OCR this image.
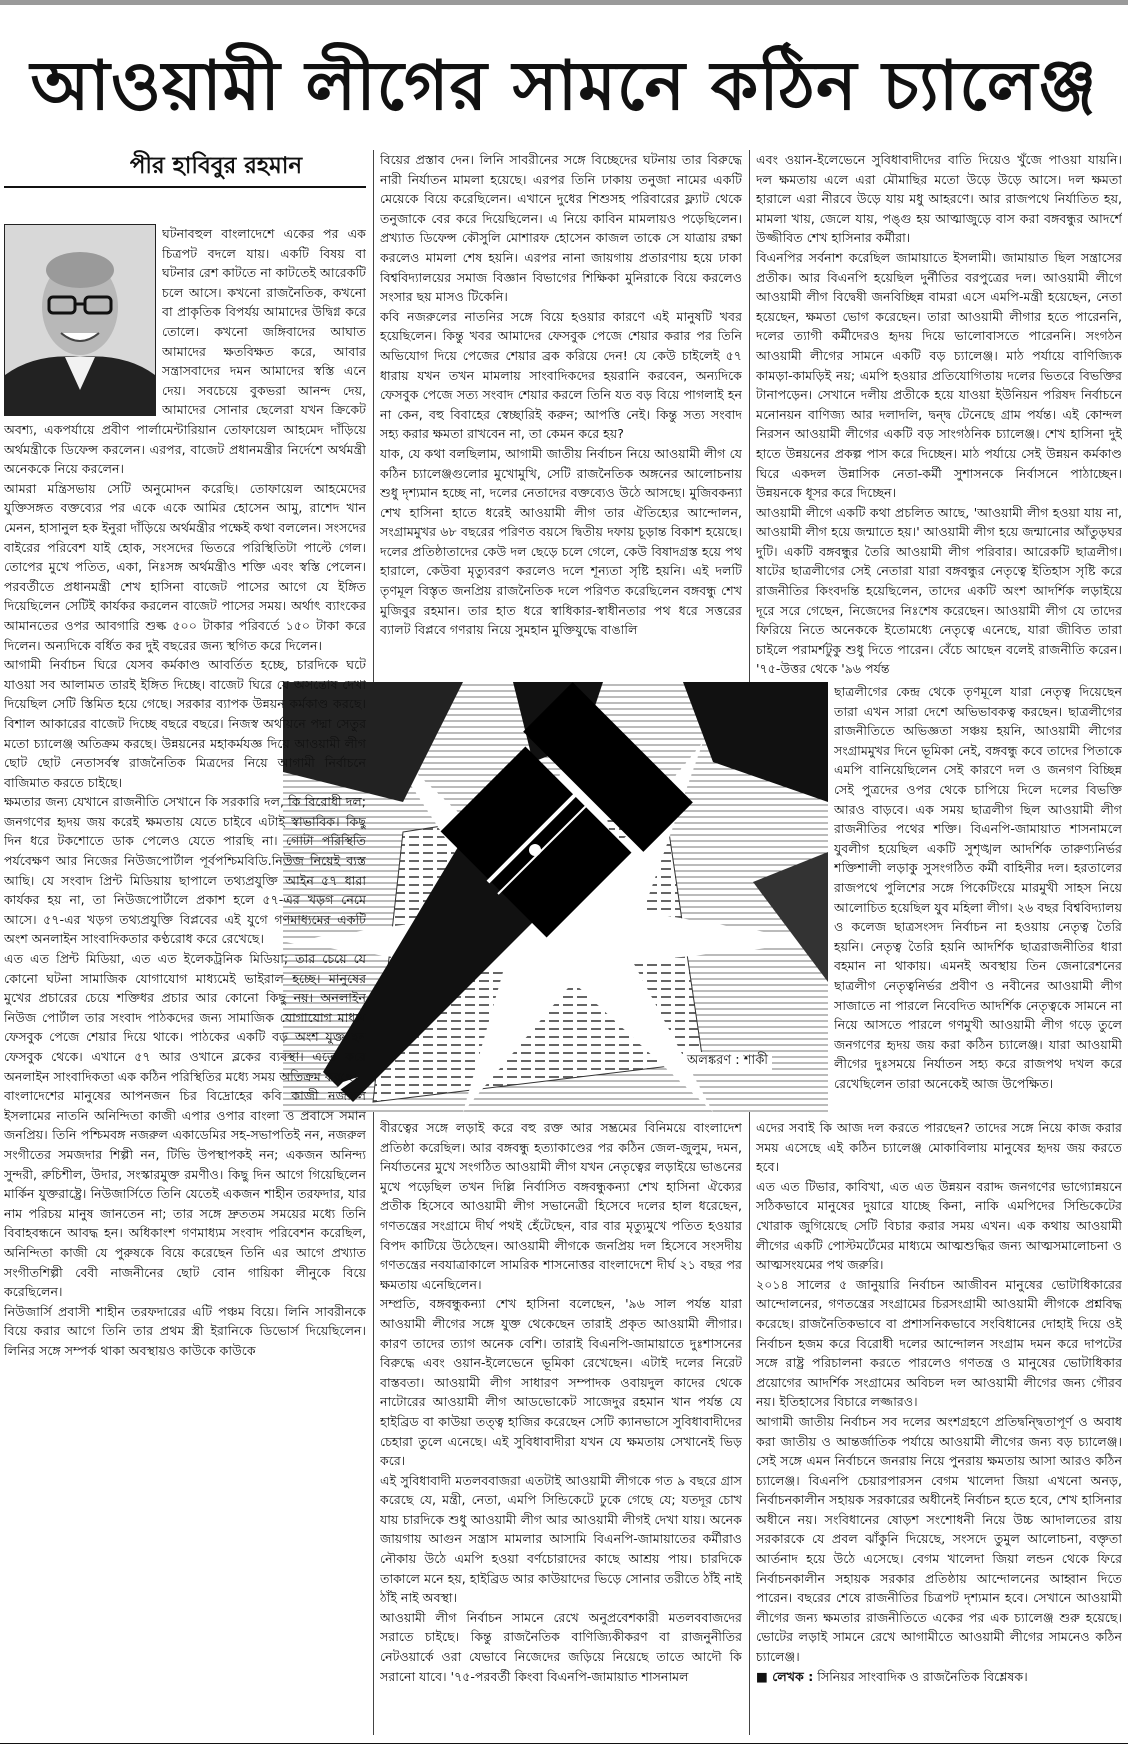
আওয়ামী লীগের সামনে কঠিন চ্যালেঞ্জ
পীর হাবিবুর রহমান
অলঙ্করণ : শাকী

ঘটনাবহুল বাংলাদেশে একের পর এক চিত্রপট বদলে যায়। একটি বিষয় বা ঘটনার রেশ কাটতে না কাটতেই আরেকটি চলে আসে। কখনো রাজনৈতিক, কখনো বা প্রাকৃতিক বিপর্যয় আমাদের উদ্বিগ্ন করে তোলে। কখনো জঙ্গিবাদের আঘাত আমাদের ক্ষতবিক্ষত করে, আবার সন্ত্রাসবাদের দমন আমাদের স্বস্তি এনে দেয়। সবচেয়ে বুকভরা আনন্দ দেয়, আমাদের সোনার ছেলেরা যখন ক্রিকেট

অবশ্য, একপর্যায়ে প্রবীণ পার্লামেন্টারিয়ান তোফায়েল আহমেদ দাঁড়িয়ে অর্থমন্ত্রীকে ডিফেন্স করলেন। এরপর, বাজেট প্রধানমন্ত্রীর নির্দেশে অর্থমন্ত্রী অনেককে নিয়ে করলেন।

আমরা মন্ত্রিসভায় সেটি অনুমোদন করেছি। তোফায়েল আহমেদের যুক্তিসঙ্গত বক্তব্যের পর একে একে আমির হোসেন আমু, রাশেদ খান মেনন, হাসানুল হক ইনুরা দাঁড়িয়ে অর্থমন্ত্রীর পক্ষেই কথা বললেন। সংসদের বাইরের পরিবেশ যাই হোক, সংসদের ভিতরে পরিস্থিতিটা পাল্টে গেল। তোপের মুখে পতিত, একা, নিঃসঙ্গ অর্থমন্ত্রীও শক্তি এবং স্বস্তি পেলেন। পরবর্তীতে প্রধানমন্ত্রী শেখ হাসিনা বাজেট পাসের আগে যে ইঙ্গিত দিয়েছিলেন সেটিই কার্যকর করলেন বাজেট পাসের সময়। অর্থাৎ ব্যাংকের আমানতের ওপর আবগারি শুল্ক ৫০০ টাকার পরিবর্তে ১৫০ টাকা করে দিলেন। অন্যদিকে বর্ধিত কর দুই বছরের জন্য স্থগিত করে দিলেন।

আগামী নির্বাচন ঘিরে যেসব কর্মকাণ্ড আবর্তিত হচ্ছে, চারদিকে ঘটে যাওয়া সব আলামত তারই ইঙ্গিত দিচ্ছে। বাজেট ঘিরে যে অসন্তোষ দেখা দিয়েছিল সেটি স্তিমিত হয়ে গেছে। সরকার ব্যাপক উন্নয়ন কর্মকাণ্ড করছে। বিশাল আকারের বাজেট দিচ্ছে বছরে বছরে। নিজস্ব অর্থায়নে পদ্মা সেতুর মতো চ্যালেঞ্জ অতিক্রম করছে। উন্নয়নের মহাকর্মযজ্ঞ দিয়ে আওয়ামী লীগ ছোট ছোট নেতাসর্বস্ব রাজনৈতিক মিত্রদের নিয়ে আগামী নির্বাচনে বাজিমাত করতে চাইছে।

ক্ষমতার জন্য যেখানে রাজনীতি সেখানে কি সরকারি দল, কি বিরোধী দল; জনগণের হৃদয় জয় করেই ক্ষমতায় যেতে চাইবে এটাই স্বাভাবিক। কিছু দিন ধরে টকশোতে ডাক পেলেও যেতে পারছি না। গোটা পরিস্থিতি পর্যবেক্ষণ আর নিজের নিউজপোর্টাল পূর্বপশ্চিমবিডি.নিউজ নিয়েই ব্যস্ত আছি। যে সংবাদ প্রিন্ট মিডিয়ায় ছাপালে তথ্যপ্রযুক্তি আইন ৫৭ ধারা কার্যকর হয় না, তা নিউজপোর্টালে প্রকাশ হলে ৫৭-এর খড়গ নেমে আসে। ৫৭-এর খড়গ তথ্যপ্রযুক্তি বিপ্লবের এই যুগে গণমাধ্যমের একটি অংশ অনলাইন সাংবাদিকতার কণ্ঠরোধ করে রেখেছে।

এত এত প্রিন্ট মিডিয়া, এত এত ইলেকট্রনিক মিডিয়া; তার চেয়ে যে কোনো ঘটনা সামাজিক যোগাযোগ মাধ্যমেই ভাইরাল হচ্ছে। মানুষের মুখের প্রচারের চেয়ে শক্তিধর প্রচার আর কোনো কিছু নয়। অনলাইন নিউজ পোর্টাল তার সংবাদ পাঠকদের জন্য সামাজিক যোগাযোগ মাধ্যম ফেসবুক পেজে শেয়ার দিয়ে থাকে। পাঠকের একটি বড় অংশ যুক্ত হন ফেসবুক থেকে। এখানে ৫৭ আর ওখানে ব্লকের ব্যবস্থা। এতে করে অনলাইন সাংবাদিকতা এক কঠিন পরিস্থিতির মধ্যে সময় অতিক্রম করছে।

বাংলাদেশের মানুষের আপনজন চির বিদ্রোহের কবি কাজী নজরুল ইসলামের নাতনি অনিন্দিতা কাজী এপার ওপার বাংলা ও প্রবাসে সমান জনপ্রিয়। তিনি পশ্চিমবঙ্গ নজরুল একাডেমির সহ-সভাপতিই নন, নজরুল সংগীতের সমজদার শিল্পী নন, টিভি উপস্থাপকই নন; একজন অনিন্দ্য সুন্দরী, রুচিশীল, উদার, সংস্কারমুক্ত রমণীও। কিছু দিন আগে গিয়েছিলেন মার্কিন যুক্তরাষ্ট্রে। নিউজার্সিতে তিনি যেতেই একজন শাহীন তরফদার, যার নাম পরিচয় মানুষ জানতেন না; তার সঙ্গে দ্রুততম সময়ের মধ্যে তিনি বিবাহবন্ধনে আবদ্ধ হন। অধিকাংশ গণমাধ্যম সংবাদ পরিবেশন করেছিল, অনিন্দিতা কাজী যে পুরুষকে বিয়ে করেছেন তিনি এর আগে প্রখ্যাত সংগীতশিল্পী বেবী নাজনীনের ছোট বোন গায়িকা লীনুকে বিয়ে করেছিলেন।

নিউজার্সি প্রবাসী শাহীন তরফদারের এটি পঞ্চম বিয়ে। লিনি সাবরীনকে বিয়ে করার আগে তিনি তার প্রথম স্ত্রী ইরানিকে ডিভোর্স দিয়েছিলেন। লিনির সঙ্গে সম্পর্ক থাকা অবস্থায়ও কাউকে কাউকে

বিয়ের প্রস্তাব দেন। লিনি সাবরীনের সঙ্গে বিচ্ছেদের ঘটনায় তার বিরুদ্ধে নারী নির্যাতন মামলা হয়েছে। এরপর তিনি ঢাকায় তনুজা নামের একটি মেয়েকে বিয়ে করেছিলেন। এখানে দুধের শিশুসহ পরিবারের ফ্ল্যাট থেকে তনুজাকে বের করে দিয়েছিলেন। এ নিয়ে কাবিন মামলায়ও পড়েছিলেন। প্রখ্যাত ডিফেন্স কৌসুলি মোশারফ হোসেন কাজল তাকে সে যাত্রায় রক্ষা করলেও মামলা শেষ হয়নি। এরপর নানা জায়গায় প্রতারণায় হয়ে ঢাকা বিশ্ববিদ্যালয়ের সমাজ বিজ্ঞান বিভাগের শিক্ষিকা মুনিরাকে বিয়ে করলেও সংসার ছয় মাসও টিকেনি।

কবি নজরুলের নাতনির সঙ্গে বিয়ে হওয়ার কারণে এই মানুষটি খবর হয়েছিলেন। কিন্তু খবর আমাদের ফেসবুক পেজে শেয়ার করার পর তিনি অভিযোগ দিয়ে পেজের শেয়ার ব্রক করিয়ে দেন! যে কেউ চাইলেই ৫৭ ধারায় যখন তখন মামলায় সাংবাদিকদের হয়রানি করবেন, অন্যদিকে ফেসবুক পেজে সত্য সংবাদ শেয়ার করলে তিনি যত বড় বিয়ে পাগলাই হন না কেন, বহু বিবাহের স্বেচ্ছারিই করুন; আপত্তি নেই। কিন্তু সত্য সংবাদ সহ্য করার ক্ষমতা রাখবেন না, তা কেমন করে হয়?

যাক, যে কথা বলছিলাম, আগামী জাতীয় নির্বাচন নিয়ে আওয়ামী লীগ যে কঠিন চ্যালেঞ্জগুলোর মুখোমুখি, সেটি রাজনৈতিক অঙ্গনের আলোচনায় শুধু দৃশ্যমান হচ্ছে না, দলের নেতাদের বক্তব্যেও উঠে আসছে। মুজিবকন্যা শেখ হাসিনা হাতে ধরেই আওয়ামী লীগ তার ঐতিহ্যের আন্দোলন, সংগ্রামমুখর ৬৮ বছরের পরিণত বয়সে দ্বিতীয় দফায় চূড়ান্ত বিকাশ হয়েছে। দলের প্রতিষ্ঠাতাদের কেউ দল ছেড়ে চলে গেলে, কেউ বিষাদগ্রস্ত হয়ে পথ হারালে, কেউবা মৃত্যুবরণ করলেও দলে শূন্যতা সৃষ্টি হয়নি। এই দলটি তৃণমূল বিস্তৃত জনপ্রিয় রাজনৈতিক দলে পরিণত করেছিলেন বঙ্গবন্ধু শেখ মুজিবুর রহমান। তার হাত ধরে স্বাধিকার-স্বাধীনতার পথ ধরে সত্তরের ব্যালট বিপ্লবে গণরায় নিয়ে সুমহান মুক্তিযুদ্ধে বাঙালি

বীরত্বের সঙ্গে লড়াই করে বহু রক্ত আর সম্ভ্রমের বিনিময়ে বাংলাদেশ প্রতিষ্ঠা করেছিল। আর বঙ্গবন্ধু হত্যাকাণ্ডের পর কঠিন জেল-জুলুম, দমন, নির্যাতনের মুখে সংগঠিত আওয়ামী লীগ যখন নেতৃত্বের লড়াইয়ে ভাঙনের মুখে পড়েছিল তখন দিল্লি নির্বাসিত বঙ্গবন্ধুকন্যা শেখ হাসিনা ঐক্যের প্রতীক হিসেবে আওয়ামী লীগ সভানেত্রী হিসেবে দলের হাল ধরেছেন, গণতন্ত্রের সংগ্রামে দীর্ঘ পথই হেঁটেছেন, বার বার মৃত্যুমুখে পতিত হওয়ার বিপদ কাটিয়ে উঠেছেন। আওয়ামী লীগকে জনপ্রিয় দল হিসেবে সংসদীয় গণতন্ত্রের নবযাত্রাকালে সামরিক শাসনোত্তর বাংলাদেশে দীর্ঘ ২১ বছর পর ক্ষমতায় এনেছিলেন।

সম্প্রতি, বঙ্গবন্ধুকন্যা শেখ হাসিনা বলেছেন, '৯৬ সাল পর্যন্ত যারা আওয়ামী লীগের সঙ্গে যুক্ত থেকেছেন তারাই প্রকৃত আওয়ামী লীগার। কারণ তাদের ত্যাগ অনেক বেশি। তারাই বিএনপি-জামায়াতে দুঃশাসনের বিরুদ্ধে এবং ওয়ান-ইলেভেনে ভূমিকা রেখেছেন। এটাই দলের নিরেট বাস্তবতা। আওয়ামী লীগ সাধারণ সম্পাদক ওবায়দুল কাদের থেকে নাটোরের আওয়ামী লীগ আডভোকেট সাজেদুর রহমান খান পর্যন্ত যে হাইব্রিড বা কাউয়া তত্ত্ব হাজির করেছেন সেটি ক্যানভাসে সুবিধাবাদীদের চেহারা তুলে এনেছে। এই সুবিধাবাদীরা যখন যে ক্ষমতায় সেখানেই ভিড় করে।

এই সুবিধাবাদী মতলববাজরা এতটাই আওয়ামী লীগকে গত ৯ বছরে গ্রাস করেছে যে, মন্ত্রী, নেতা, এমপি সিন্ডিকেটে ঢুকে গেছে যে; যতদূর চোখ যায় চারদিকে শুধু আওয়ামী লীগ আর আওয়ামী লীগই দেখা যায়। অনেক জায়গায় আগুন সন্ত্রাস মামলার আসামি বিএনপি-জামায়াতের কর্মীরাও নৌকায় উঠে এমপি হওয়া বর্ণচোরাদের কাছে আশ্রয় পায়। চারদিকে তাকালে মনে হয়, হাইব্রিড আর কাউয়াদের ভিড়ে সোনার তরীতে ঠাঁই নাই ঠাঁই নাই অবস্থা।

আওয়ামী লীগ নির্বাচন সামনে রেখে অনুপ্রবেশকারী মতলববাজদের সরাতে চাইছে। কিন্তু রাজনৈতিক বাণিজ্যিকীকরণ বা রাজনুনীতির নেটওয়ার্কে ওরা যেভাবে নিজেদের জড়িয়ে নিয়েছে তাতে আদৌ কি সরানো যাবে। '৭৫-পরবর্তী কিংবা বিএনপি-জামায়াত শাসনামল

এবং ওয়ান-ইলেভেনে সুবিধাবাদীদের বাতি দিয়েও খুঁজে পাওয়া যায়নি। দল ক্ষমতায় এলে এরা মৌমাছির মতো উড়ে উড়ে আসে। দল ক্ষমতা হারালে এরা নীরবে উড়ে যায় মধু আহরণে। আর রাজপথে নির্যাতিত হয়, মামলা খায়, জেলে যায়, পঙ্গু হয় আত্মাজুড়ে বাস করা বঙ্গবন্ধুর আদর্শে উজ্জীবিত শেখ হাসিনার কর্মীরা।

বিএনপির সর্বনাশ করেছিল জামায়াতে ইসলামী। জামায়াত ছিল সন্ত্রাসের প্রতীক। আর বিএনপি হয়েছিল দুর্নীতির বরপুত্রের দল। আওয়ামী লীগে আওয়ামী লীগ বিদ্বেষী জনবিচ্ছিন্ন বামরা এসে এমপি-মন্ত্রী হয়েছেন, নেতা হয়েছেন, ক্ষমতা ভোগ করেছেন। তারা আওয়ামী লীগার হতে পারেননি, দলের ত্যাগী কর্মীদেরও হৃদয় দিয়ে ভালোবাসতে পারেননি। সংগঠন আওয়ামী লীগের সামনে একটি বড় চ্যালেঞ্জ। মাঠ পর্যায়ে বাণিজ্যিক কামড়া-কামড়িই নয়; এমপি হওয়ার প্রতিযোগিতায় দলের ভিতরে বিভক্তির টানাপড়েন। সেখানে দলীয় প্রতীকে হয়ে যাওয়া ইউনিয়ন পরিষদ নির্বাচনে মনোনয়ন বাণিজ্য আর দলাদলি, দ্বন্দ্ব টেনেছে গ্রাম পর্যন্ত। এই কোন্দল নিরসন আওয়ামী লীগের একটি বড় সাংগঠনিক চ্যালেঞ্জ। শেখ হাসিনা দুই হাতে উন্নয়নের প্রকল্প পাস করে দিচ্ছেন। মাঠ পর্যায়ে সেই উন্নয়ন কর্মকাণ্ড ঘিরে একদল উন্নাসিক নেতা-কর্মী সুশাসনকে নির্বাসনে পাঠাচ্ছেন। উন্নয়নকে ধূসর করে দিচ্ছেন।

আওয়ামী লীগে একটি কথা প্রচলিত আছে, 'আওয়ামী লীগ হওয়া যায় না, আওয়ামী লীগ হয়ে জন্মাতে হয়।' আওয়ামী লীগ হয়ে জন্মানোর আঁতুড়ঘর দুটি। একটি বঙ্গবন্ধুর তৈরি আওয়ামী লীগ পরিবার। আরেকটি ছাত্রলীগ। ষাটের ছাত্রলীগের সেই নেতারা যারা বঙ্গবন্ধুর নেতৃত্বে ইতিহাস সৃষ্টি করে রাজনীতির কিংবদন্তি হয়েছিলেন, তাদের একটি অংশ আদর্শিক লড়াইয়ে দূরে সরে গেছেন, নিজেদের নিঃশেষ করেছেন। আওয়ামী লীগ যে তাদের ফিরিয়ে নিতে অনেককে ইতোমধ্যে নেতৃত্বে এনেছে, যারা জীবিত তারা চাইলে পরামর্শটুকু শুধু দিতে পারেন। বেঁচে আছেন বলেই রাজনীতি করেন। '৭৫-উত্তর থেকে '৯৬ পর্যন্ত

ছাত্রলীগের কেন্দ্র থেকে তৃণমূলে যারা নেতৃত্ব দিয়েছেন তারা এখন সারা দেশে অভিভাবকত্ব করছেন। ছাত্রলীগের রাজনীতিতে অভিজ্ঞতা সঞ্চয় হয়নি, আওয়ামী লীগের সংগ্রামমুখর দিনে ভূমিকা নেই, বঙ্গবন্ধু কবে তাদের পিতাকে এমপি বানিয়েছিলেন সেই কারণে দল ও জনগণ বিচ্ছিন্ন সেই পুত্রদের ওপর থেকে চাপিয়ে দিলে দলের বিভক্তি আরও বাড়বে। এক সময় ছাত্রলীগ ছিল আওয়ামী লীগ রাজনীতির পথের শক্তি। বিএনপি-জামায়াত শাসনামলে যুবলীগ হয়েছিল একটি সুশৃঙ্খল আদর্শিক তারুণ্যনির্ভর শক্তিশালী লড়াকু সুসংগঠিত কর্মী বাহিনীর দল। হরতালের রাজপথে পুলিশের সঙ্গে পিকেটিংয়ে মারমুখী সাহস নিয়ে আলোচিত হয়েছিল যুব মহিলা লীগ। ২৬ বছর বিশ্ববিদ্যালয় ও কলেজ ছাত্রসংসদ নির্বাচন না হওয়ায় নেতৃত্ব তৈরি হয়নি। নেতৃত্ব তৈরি হয়নি আদর্শিক ছাত্ররাজনীতির ধারা বহমান না থাকায়। এমনই অবস্থায় তিন জেনারেশনের ছাত্রলীগ নেতৃত্বনির্ভর প্রবীণ ও নবীনের আওয়ামী লীগ সাজাতে না পারলে নিবেদিত আদর্শিক নেতৃত্বকে সামনে না নিয়ে আসতে পারলে গণমুখী আওয়ামী লীগ গড়ে তুলে জনগণের হৃদয় জয় করা কঠিন চ্যালেঞ্জ। যারা আওয়ামী লীগের দুঃসময়ে নির্যাতন সহ্য করে রাজপথ দখল করে রেখেছিলেন তারা অনেকেই আজ উপেক্ষিত।

এদের সবাই কি আজ দল করতে পারছেন? তাদের সঙ্গে নিয়ে কাজ করার সময় এসেছে এই কঠিন চ্যালেঞ্জ মোকাবিলায় মানুষের হৃদয় জয় করতে হবে।

এত এত টিভার, কাবিখা, এত এত উন্নয়ন বরাদ্দ জনগণের ভাগ্যোন্নয়নে সঠিকভাবে মানুষের দুয়ারে যাচ্ছে কিনা, নাকি এমপিদের সিন্ডিকেটের খোরাক জুগিয়েছে সেটি বিচার করার সময় এখন। এক কথায় আওয়ামী লীগের একটি পোস্টমর্টেমের মাধ্যমে আত্মশুদ্ধির জন্য আত্মসমালোচনা ও আত্মসংযমের পথ জরুরি।

২০১৪ সালের ৫ জানুয়ারি নির্বাচন আজীবন মানুষের ভোটাধিকারের আন্দোলনের, গণতন্ত্রের সংগ্রামের চিরসংগ্রামী আওয়ামী লীগকে প্রশ্নবিদ্ধ করেছে। রাজনৈতিকভাবে বা প্রশাসনিকভাবে সংবিধানের দোহাই দিয়ে ওই নির্বাচন হজম করে বিরোধী দলের আন্দোলন সংগ্রাম দমন করে দাপটের সঙ্গে রাষ্ট্র পরিচালনা করতে পারলেও গণতন্ত্র ও মানুষের ভোটাধিকার প্রয়োগের আদর্শিক সংগ্রামের অবিচল দল আওয়ামী লীগের জন্য গৌরব নয়। ইতিহাসের বিচারে লজ্জারও।

আগামী জাতীয় নির্বাচন সব দলের অংশগ্রহণে প্রতিদ্বন্দ্বিতাপূর্ণ ও অবাধ করা জাতীয় ও আন্তর্জাতিক পর্যায়ে আওয়ামী লীগের জন্য বড় চ্যালেঞ্জ। সেই সঙ্গে এমন নির্বাচনে জনরায় নিয়ে পুনরায় ক্ষমতায় আসা আরও কঠিন চ্যালেঞ্জ। বিএনপি চেয়ারপারসন বেগম খালেদা জিয়া এখনো অনড়, নির্বাচনকালীন সহায়ক সরকারের অধীনেই নির্বাচন হতে হবে, শেখ হাসিনার অধীনে নয়। সংবিধানের ষোড়শ সংশোধনী নিয়ে উচ্চ আদালতের রায় সরকারকে যে প্রবল ঝাঁকুনি দিয়েছে, সংসদে তুমুল আলোচনা, বক্তৃতা আর্তনাদ হয়ে উঠে এসেছে। বেগম খালেদা জিয়া লন্ডন থেকে ফিরে নির্বাচনকালীন সহায়ক সরকার প্রতিষ্ঠায় আন্দোলনের আহ্বান দিতে পারেন। বছরের শেষে রাজনীতির চিত্রপট দৃশ্যমান হবে। সেখানে আওয়ামী লীগের জন্য ক্ষমতার রাজনীতিতে একের পর এক চ্যালেঞ্জ শুরু হয়েছে। ভোটের লড়াই সামনে রেখে আগামীতে আওয়ামী লীগের সামনেও কঠিন চ্যালেঞ্জ।

■ লেখক : সিনিয়র সাংবাদিক ও রাজনৈতিক বিশ্লেষক।
